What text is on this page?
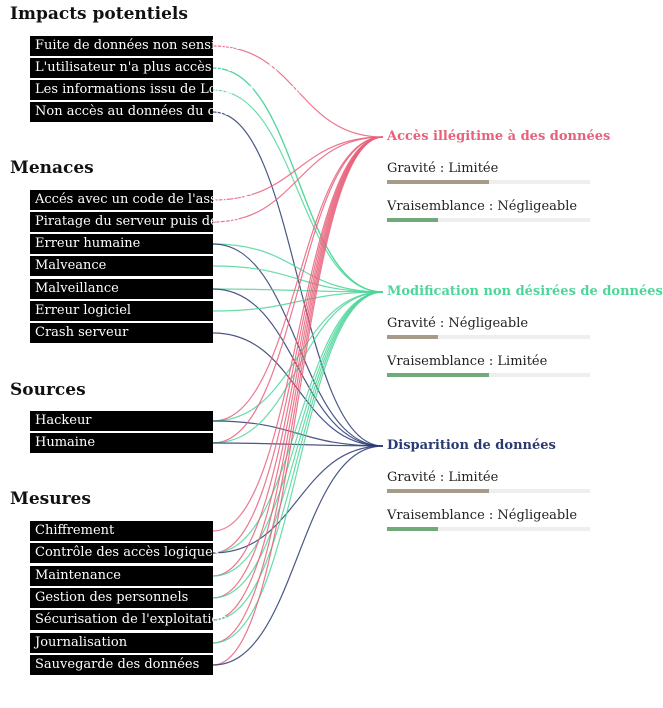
Impacts potentiels
Fuite de données non sensibles
L'utilisateur n'a plus accès à ses données
Les informations issu de Lodging sont modifiées
Non accès au données du client
Menaces
Accés avec un code de l'association
Piratage du serveur puis dérobement
Erreur humaine
Malveance
Malveillance
Erreur logiciel
Crash serveur
Sources
Hackeur
Humaine
Mesures
Chiffrement
Contrôle des accès logiques
Maintenance
Gestion des personnels
Sécurisation de l'exploitation
Journalisation
Sauvegarde des données
Accès illégitime à des données
Gravité : Limitée
Vraisemblance : Négligeable
Modification non désirées de données
Gravité : Négligeable
Vraisemblance : Limitée
Disparition de données
Gravité : Limitée
Vraisemblance : Négligeable
